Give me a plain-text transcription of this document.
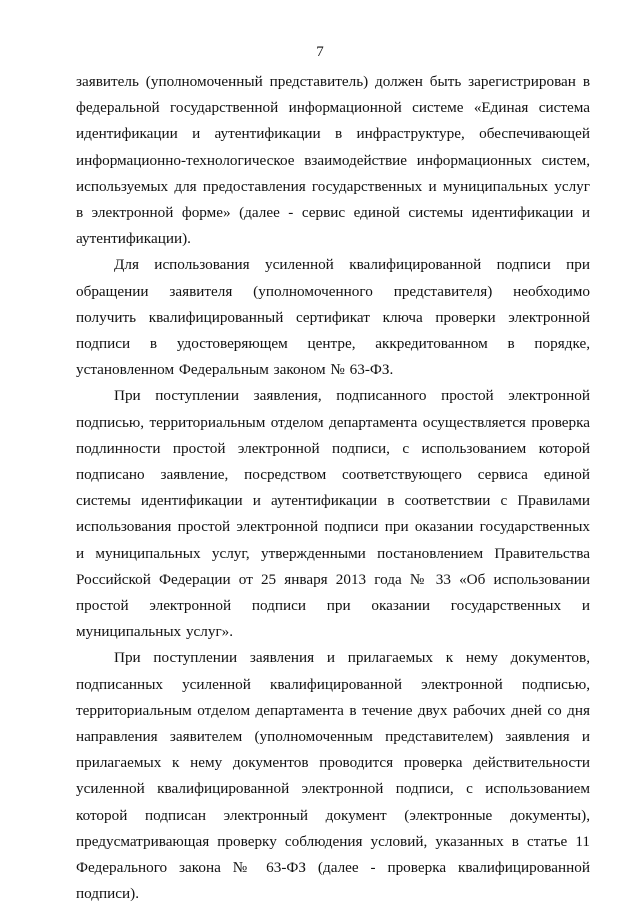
7

заявитель (уполномоченный представитель) должен быть зарегистрирован в федеральной государственной информационной системе «Единая система идентификации и аутентификации в инфраструктуре, обеспечивающей информационно-технологическое взаимодействие информационных систем, используемых для предоставления государственных и муниципальных услуг в электронной форме» (далее - сервис единой системы идентификации и аутентификации).

Для использования усиленной квалифицированной подписи при обращении заявителя (уполномоченного представителя) необходимо получить квалифицированный сертификат ключа проверки электронной подписи в удостоверяющем центре, аккредитованном в порядке, установленном Федеральным законом № 63-ФЗ.

При поступлении заявления, подписанного простой электронной подписью, территориальным отделом департамента осуществляется проверка подлинности простой электронной подписи, с использованием которой подписано заявление, посредством соответствующего сервиса единой системы идентификации и аутентификации в соответствии с Правилами использования простой электронной подписи при оказании государственных и муниципальных услуг, утвержденными постановлением Правительства Российской Федерации от 25 января 2013 года № 33 «Об использовании простой электронной подписи при оказании государственных и муниципальных услуг».

При поступлении заявления и прилагаемых к нему документов, подписанных усиленной квалифицированной электронной подписью, территориальным отделом департамента в течение двух рабочих дней со дня направления заявителем (уполномоченным представителем) заявления и прилагаемых к нему документов проводится проверка действительности усиленной квалифицированной электронной подписи, с использованием которой подписан электронный документ (электронные документы), предусматривающая проверку соблюдения условий, указанных в статье 11 Федерального закона № 63-ФЗ (далее - проверка квалифицированной подписи).
